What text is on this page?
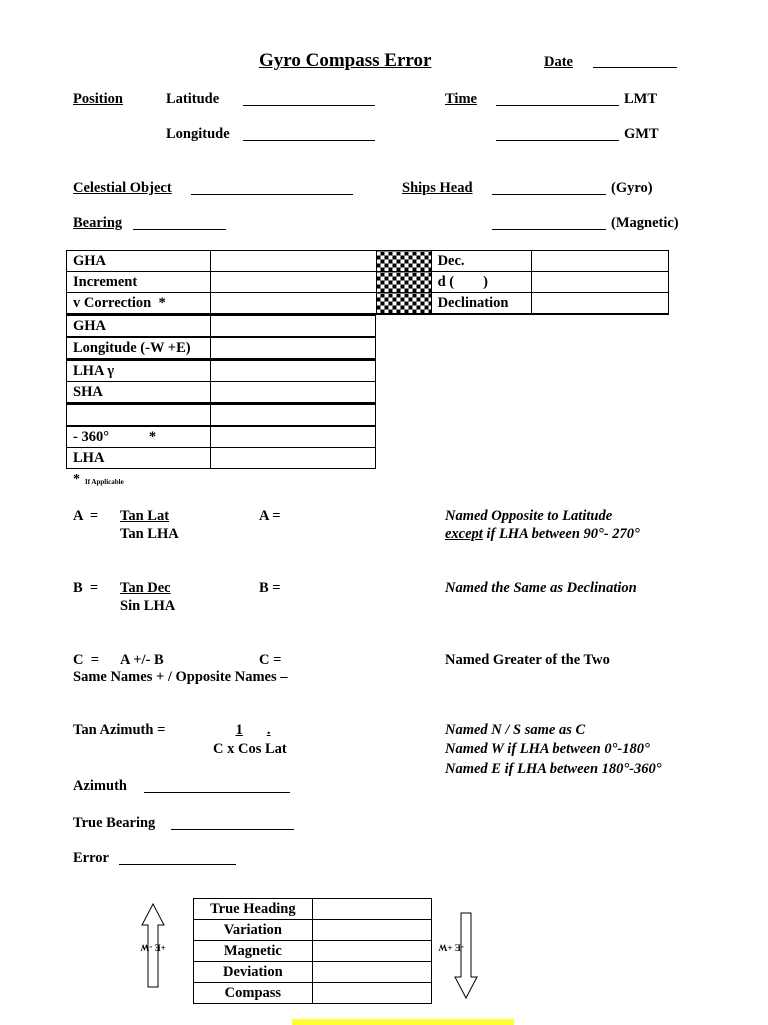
Gyro Compass Error	Date
Position	Latitude	Time	LMT
Longitude	GMT
Celestial Object	Ships Head	(Gyro)
Bearing	(Magnetic)
GHA			Dec.	
Increment			d (        )	
v Correction  *			Declination	
GHA	
Longitude (-W +E)	
LHA γ	
SHA	

- 360°           *	
LHA	
* If Applicable
A  = Tan Lat
Tan LHA
A =	Named Opposite to Latitude
except if LHA between 90°- 270°
B  = Tan Dec
Sin LHA
B =	Named the Same as Declination
C  = A +/- B	C =	Named Greater of the Two
Same Names + / Opposite Names –
Tan Azimuth =	1 .
C x Cos Lat
Named N / S same as C
Named W if LHA between 0°-180°
Named E if LHA between 180°-360°
Azimuth
True Bearing
Error
+E -W	-E +W
True Heading	
Variation	
Magnetic	
Deviation	
Compass	
